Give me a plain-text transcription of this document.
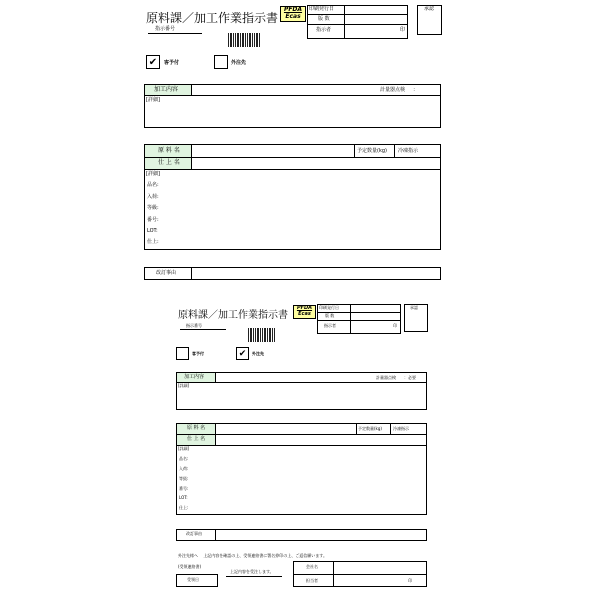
原料課／加工作業指示書
PFDA
Ecas
印刷発行日
版 数
指示者	印
承認
指示番号
✔	客予付	外注先
加工内容	計量器点検 ：
[詳細]
原 料 名
仕 上 名
予定数量(kg) 冷凍指示
[詳細]
品名:
入荷:
等級:
番号:
LOT:
仕上:
改訂事由
原料課／加工作業指示書
PFDA
Ecas
印刷発行日
版 数
指示者	印
承認
指示番号
客予付	✔	外注先
加工内容	計量器点検 ：必要
[詳細]
原 料 名
仕 上 名
予定数量(kg)	冷凍指示
[詳細]
品名:
入荷:
等級:
番号:
LOT:
仕上:
改訂事由
外注先様へ　 上記内容を確認の上、受領連絡書に署名捺印の上、ご返信願います。
(受領連絡書)
上記内容を受注します。
会社名
担当者	印
受領日
